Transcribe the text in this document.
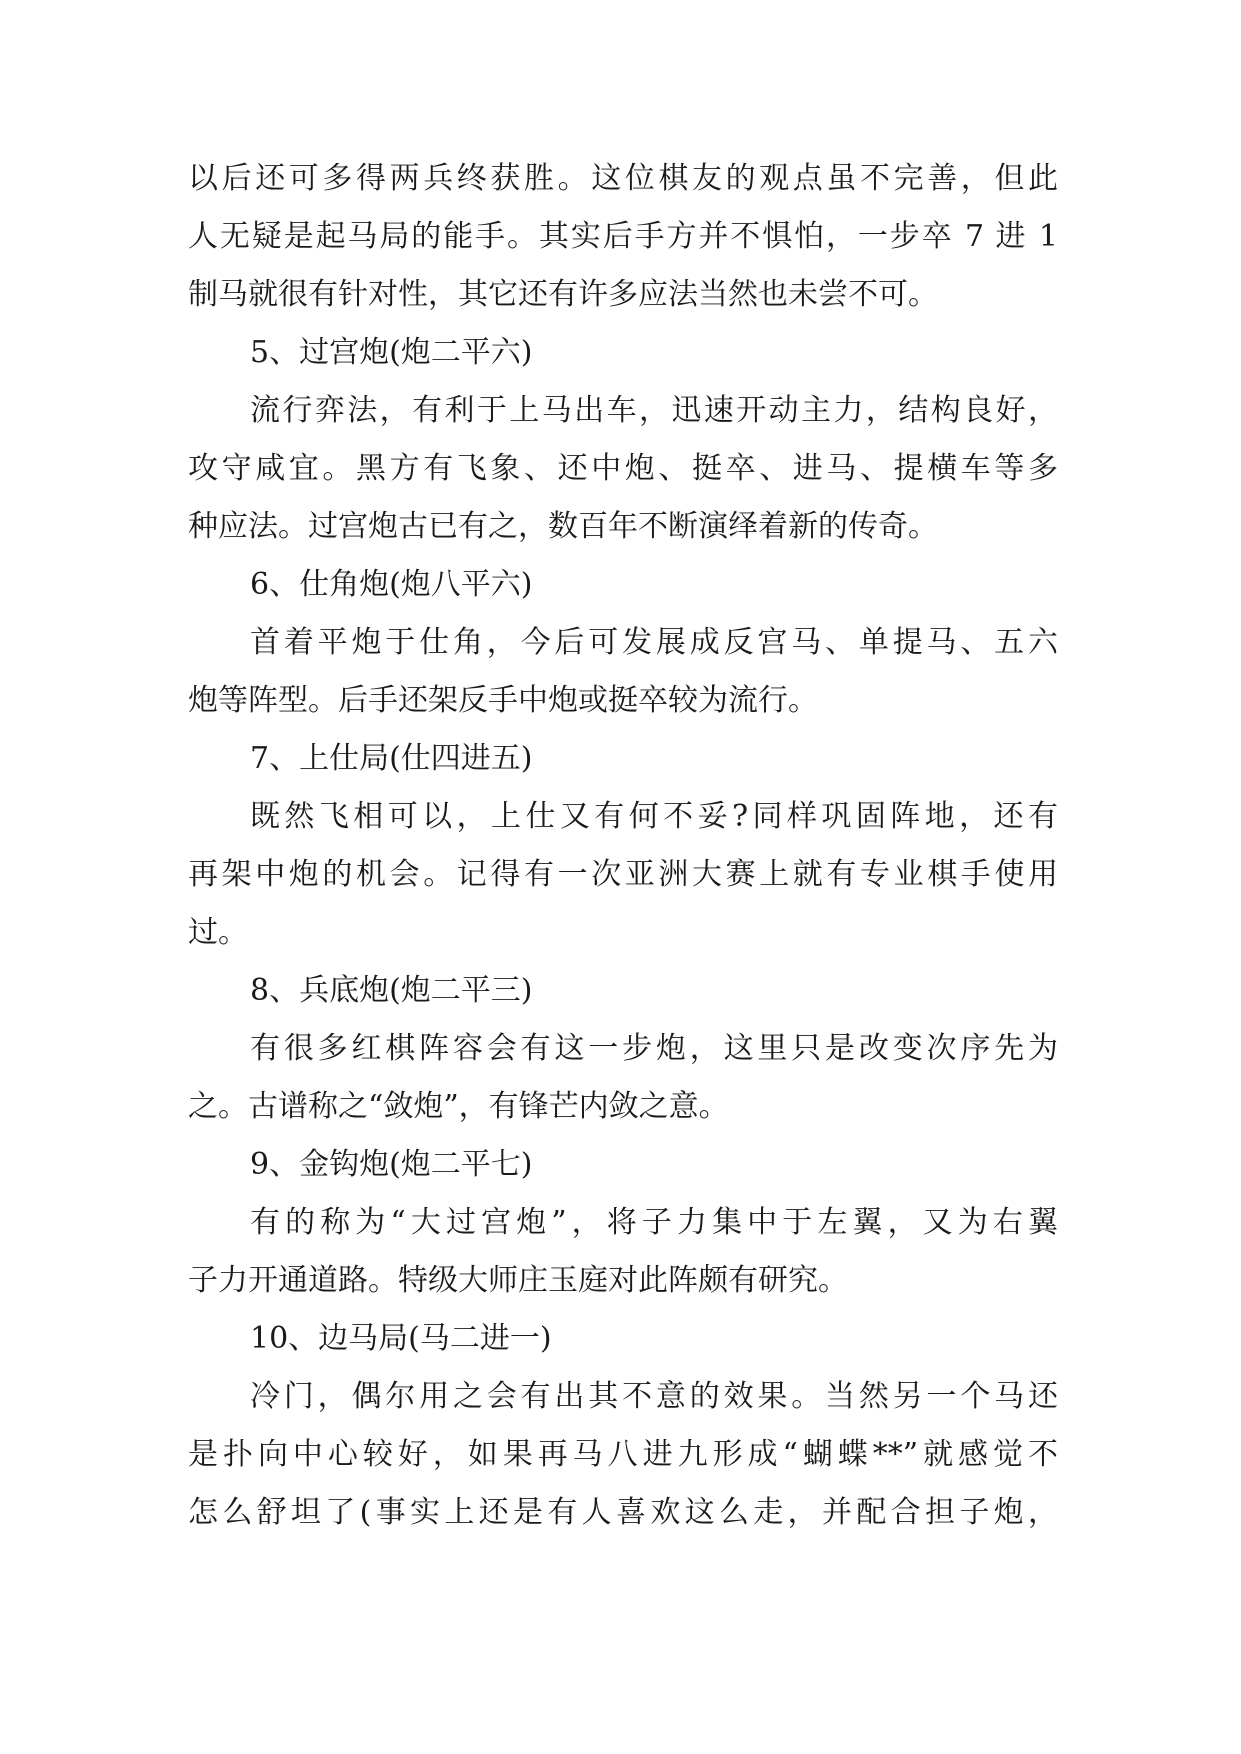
以后还可多得两兵终获胜。这位棋友的观点虽不完善，但此
人无疑是起马局的能手。其实后手方并不惧怕，一步卒 7 进 1
制马就很有针对性，其它还有许多应法当然也未尝不可。
5、过宫炮(炮二平六)
流行弈法，有利于上马出车，迅速开动主力，结构良好，
攻守咸宜。黑方有飞象、还中炮、挺卒、进马、提横车等多
种应法。过宫炮古已有之，数百年不断演绎着新的传奇。
6、仕角炮(炮八平六)
首着平炮于仕角，今后可发展成反宫马、单提马、五六
炮等阵型。后手还架反手中炮或挺卒较为流行。
7、上仕局(仕四进五)
既然飞相可以，上仕又有何不妥?同样巩固阵地，还有
再架中炮的机会。记得有一次亚洲大赛上就有专业棋手使用
过。
8、兵底炮(炮二平三)
有很多红棋阵容会有这一步炮，这里只是改变次序先为
之。古谱称之“敛炮”，有锋芒内敛之意。
9、金钩炮(炮二平七)
有的称为“大过宫炮”，将子力集中于左翼，又为右翼
子力开通道路。特级大师庄玉庭对此阵颇有研究。
10、边马局(马二进一)
冷门，偶尔用之会有出其不意的效果。当然另一个马还
是扑向中心较好，如果再马八进九形成“蝴蝶**”就感觉不
怎么舒坦了(事实上还是有人喜欢这么走，并配合担子炮，
